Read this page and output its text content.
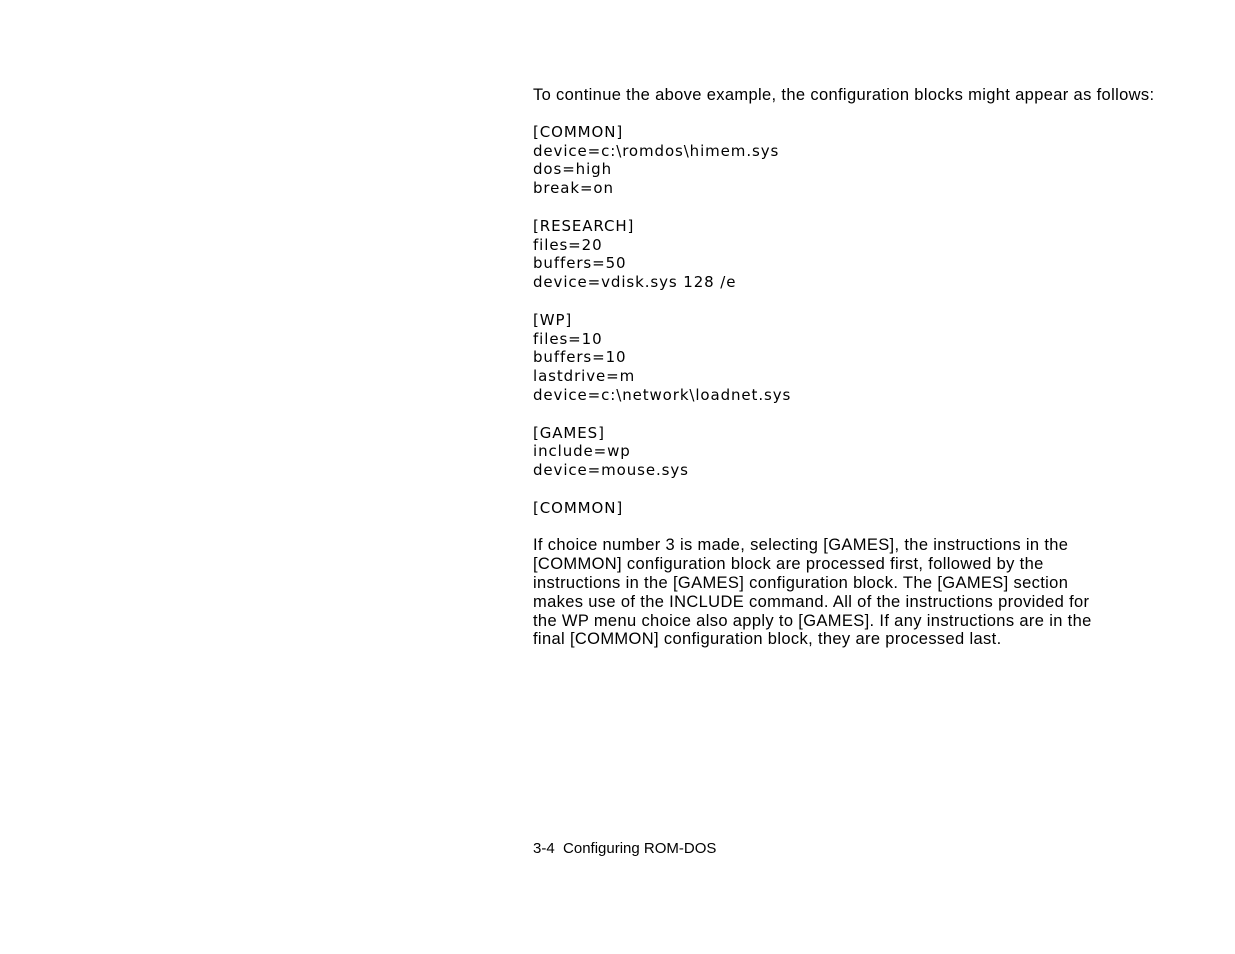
To continue the above example, the configuration blocks might appear as follows:

[COMMON]
device=c:\romdos\himem.sys
dos=high
break=on
[RESEARCH]
files=20
buffers=50
device=vdisk.sys 128 /e
[WP]
files=10
buffers=10
lastdrive=m
device=c:\network\loadnet.sys
[GAMES]
include=wp
device=mouse.sys
[COMMON]

If choice number 3 is made, selecting [GAMES], the instructions in the
[COMMON] configuration block are processed first, followed by the
instructions in the [GAMES] configuration block. The [GAMES] section
makes use of the INCLUDE command. All of the instructions provided for
the WP menu choice also apply to [GAMES]. If any instructions are in the
final [COMMON] configuration block, they are processed last.

3-4  Configuring ROM-DOS
